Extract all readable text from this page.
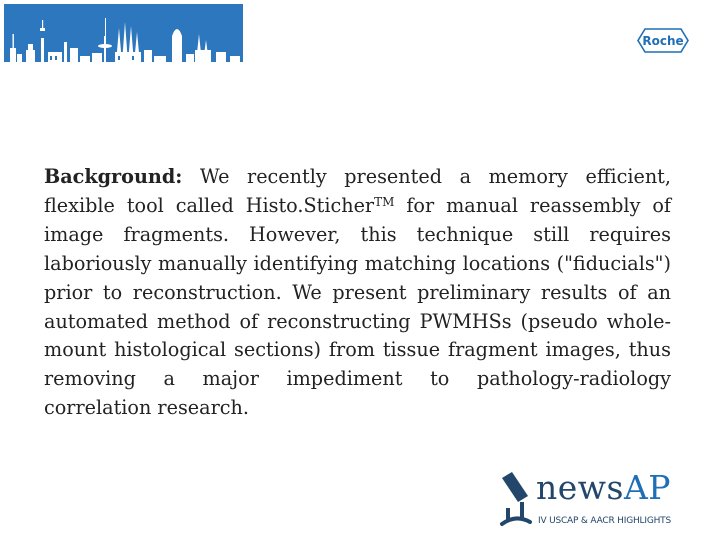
Roche

Background: We recently presented a memory efficient, flexible tool called Histo.Sticher™ for manual reassembly of image fragments. However, this technique still requires laboriously manually identifying matching locations ("fiducials") prior to reconstruction. We present preliminary results of an automated method of reconstructing PWMHSs (pseudo whole-mount histological sections) from tissue fragment images, thus removing a major impediment to pathology-radiology correlation research.

newsAP
IV USCAP & AACR HIGHLIGHTS
